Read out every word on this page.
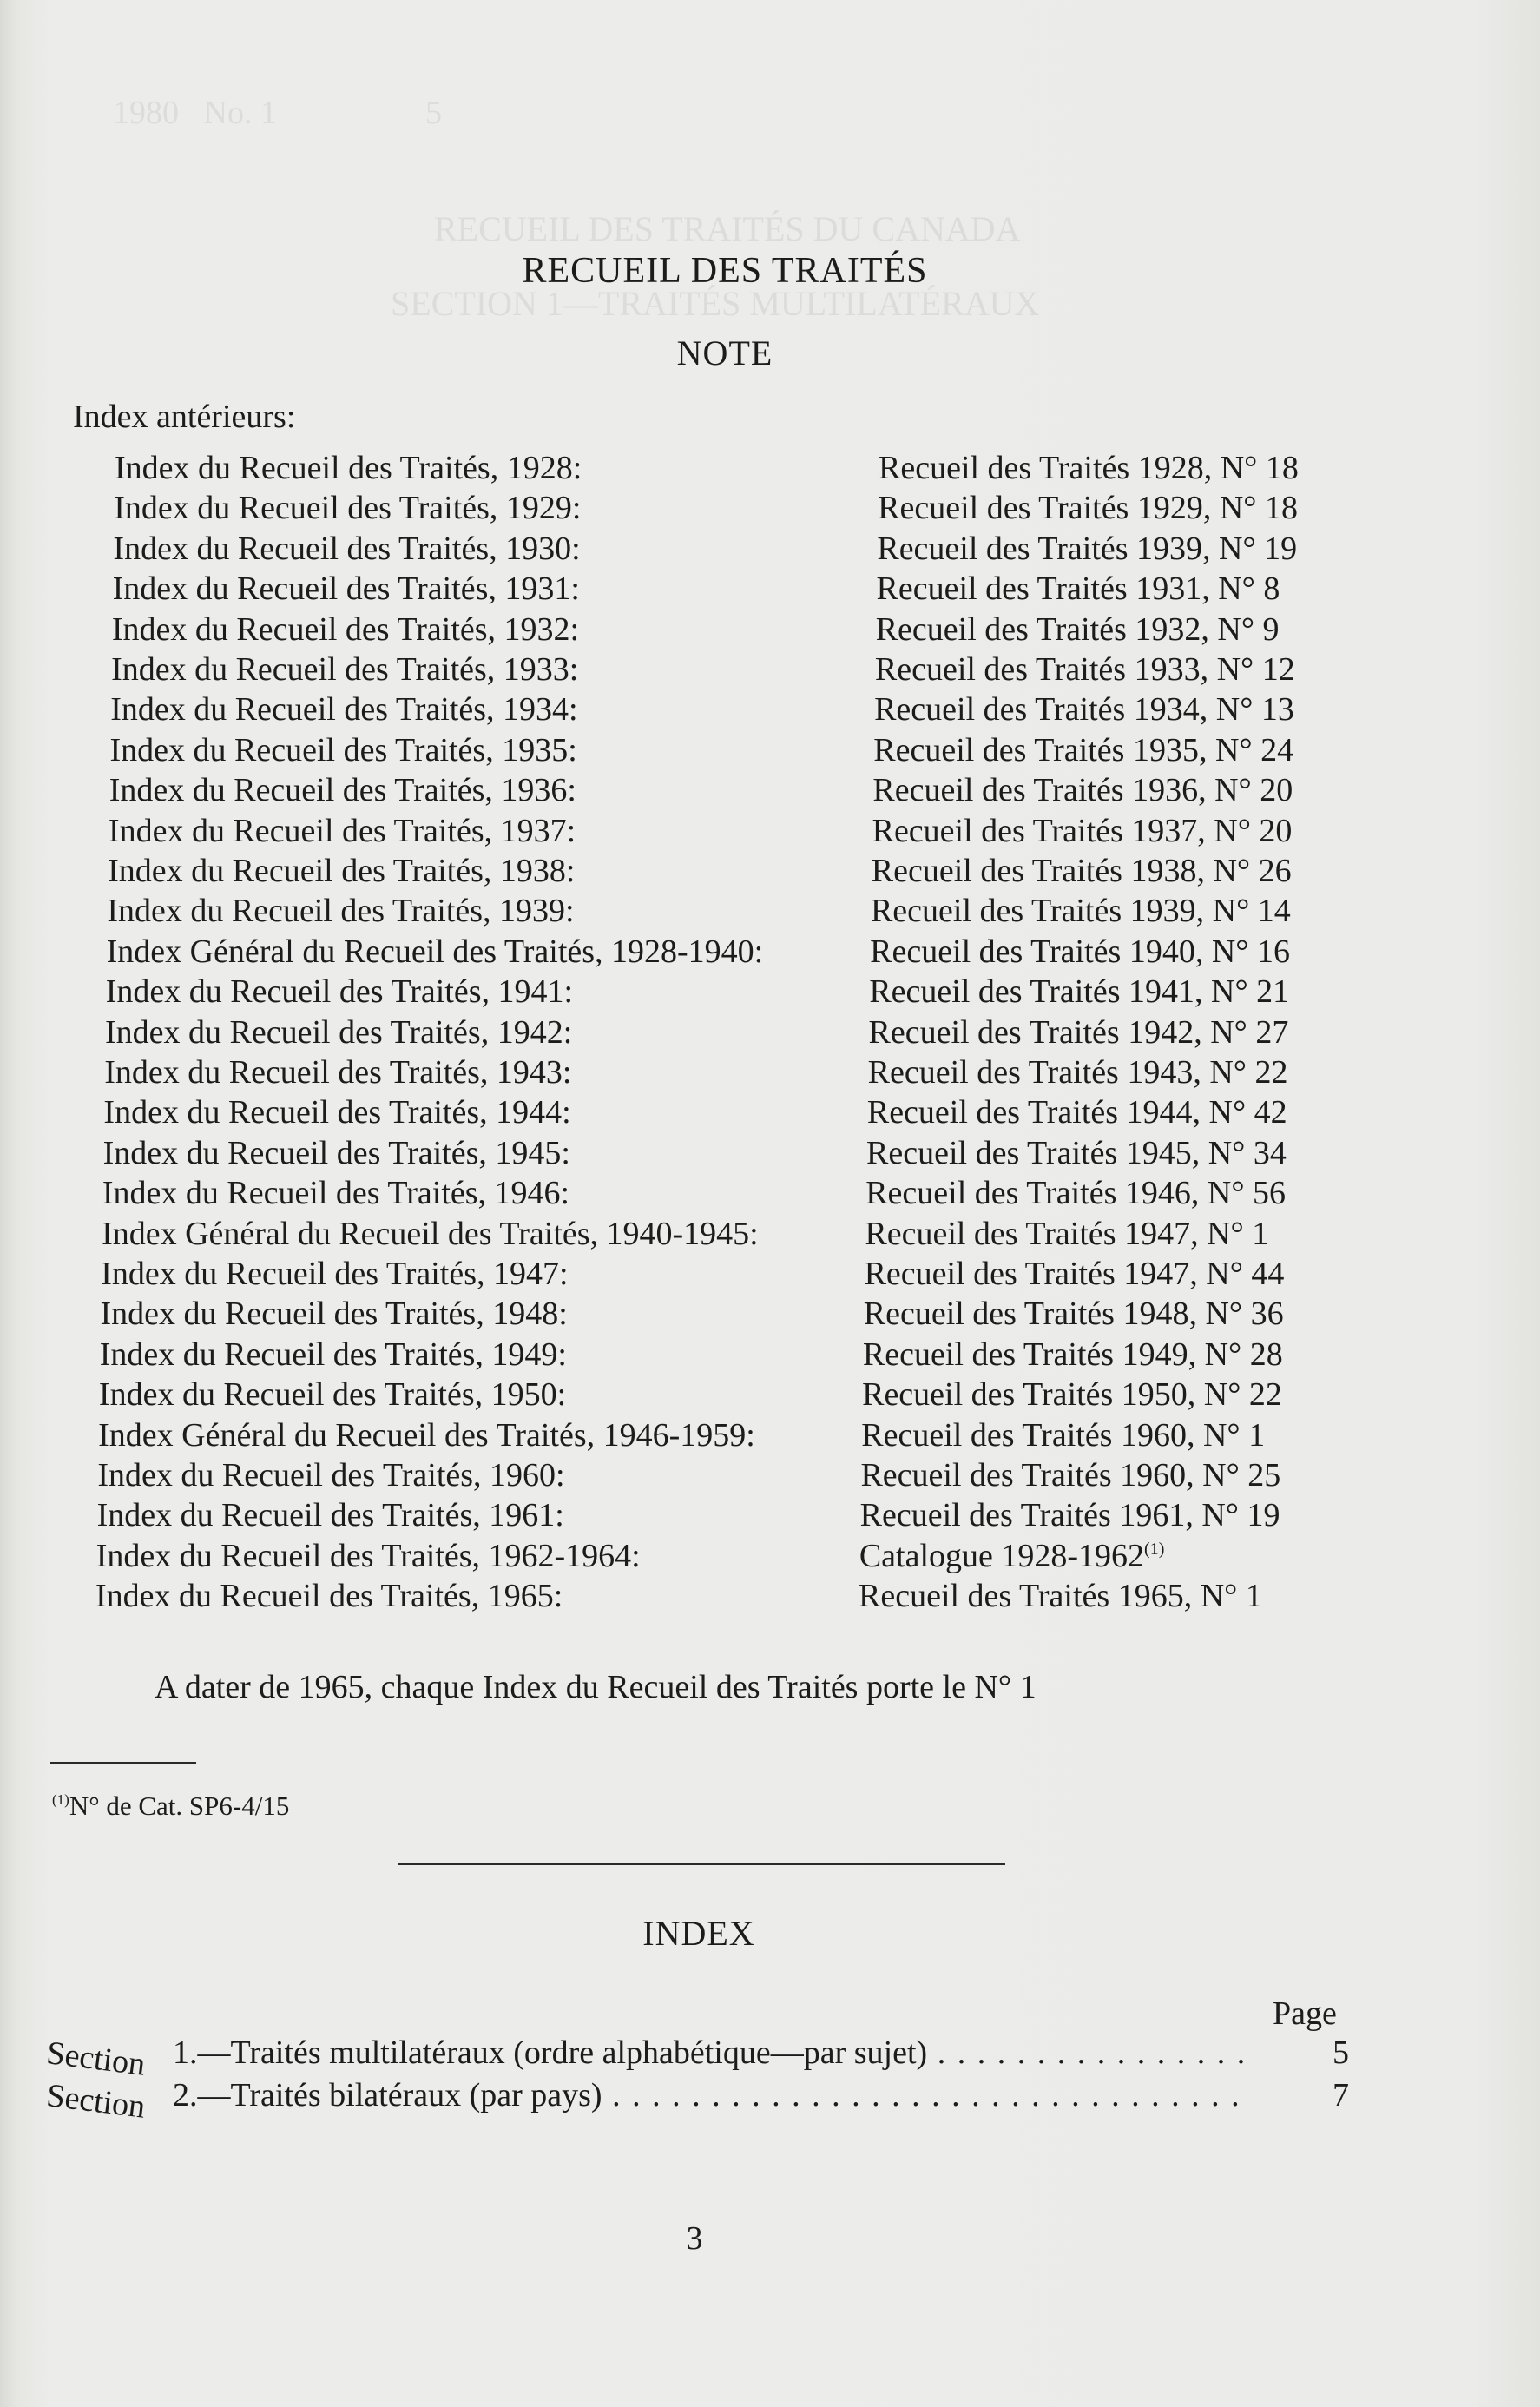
1980   No. 1                  5
RECUEIL DES TRAITÉS DU CANADA
SECTION 1—TRAITÉS MULTILATÉRAUX
RECUEIL DES TRAITÉS
NOTE
Index antérieurs:
Index du Recueil des Traités, 1928:	Recueil des Traités 1928, N° 18
Index du Recueil des Traités, 1929:	Recueil des Traités 1929, N° 18
Index du Recueil des Traités, 1930:	Recueil des Traités 1939, N° 19
Index du Recueil des Traités, 1931:	Recueil des Traités 1931, N° 8
Index du Recueil des Traités, 1932:	Recueil des Traités 1932, N° 9
Index du Recueil des Traités, 1933:	Recueil des Traités 1933, N° 12
Index du Recueil des Traités, 1934:	Recueil des Traités 1934, N° 13
Index du Recueil des Traités, 1935:	Recueil des Traités 1935, N° 24
Index du Recueil des Traités, 1936:	Recueil des Traités 1936, N° 20
Index du Recueil des Traités, 1937:	Recueil des Traités 1937, N° 20
Index du Recueil des Traités, 1938:	Recueil des Traités 1938, N° 26
Index du Recueil des Traités, 1939:	Recueil des Traités 1939, N° 14
Index Général du Recueil des Traités, 1928-1940:	Recueil des Traités 1940, N° 16
Index du Recueil des Traités, 1941:	Recueil des Traités 1941, N° 21
Index du Recueil des Traités, 1942:	Recueil des Traités 1942, N° 27
Index du Recueil des Traités, 1943:	Recueil des Traités 1943, N° 22
Index du Recueil des Traités, 1944:	Recueil des Traités 1944, N° 42
Index du Recueil des Traités, 1945:	Recueil des Traités 1945, N° 34
Index du Recueil des Traités, 1946:	Recueil des Traités 1946, N° 56
Index Général du Recueil des Traités, 1940-1945:	Recueil des Traités 1947, N° 1
Index du Recueil des Traités, 1947:	Recueil des Traités 1947, N° 44
Index du Recueil des Traités, 1948:	Recueil des Traités 1948, N° 36
Index du Recueil des Traités, 1949:	Recueil des Traités 1949, N° 28
Index du Recueil des Traités, 1950:	Recueil des Traités 1950, N° 22
Index Général du Recueil des Traités, 1946-1959:	Recueil des Traités 1960, N° 1
Index du Recueil des Traités, 1960:	Recueil des Traités 1960, N° 25
Index du Recueil des Traités, 1961:	Recueil des Traités 1961, N° 19
Index du Recueil des Traités, 1962-1964:	Catalogue 1928-1962$^{(1)}$
Index du Recueil des Traités, 1965:	Recueil des Traités 1965, N° 1
A dater de 1965, chaque Index du Recueil des Traités porte le N° 1
$^{(1)}$N° de Cat. SP6-4/15
INDEX
Page
Section 1.—Traités multilatéraux (ordre alphabétique—par sujet) . . .	5
Section 2.—Traités bilatéraux (par pays) . . .	7
3
